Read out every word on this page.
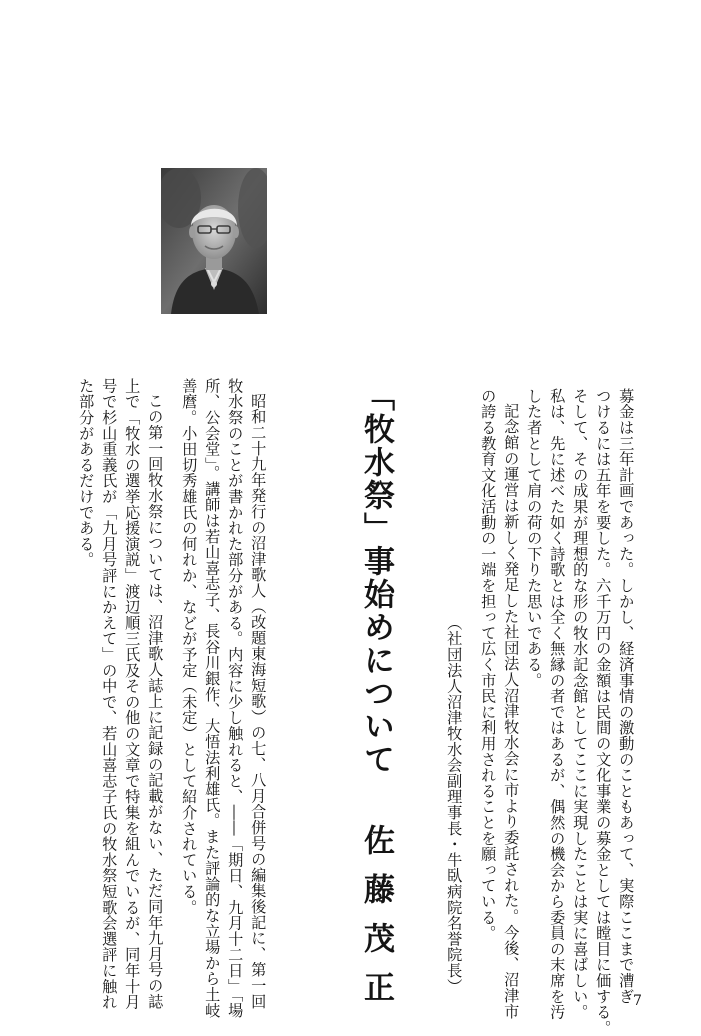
募金は三年計画であった。しかし、経済事情の激動のこともあって、実際ここまで漕ぎ
つけるには五年を要した。六千万円の金額は民間の文化事業の募金としては瞠目に価する。
そして、その成果が理想的な形の牧水記念館としてここに実現したことは実に喜ばしい。
私は、先に述べた如く詩歌とは全く無縁の者ではあるが、偶然の機会から委員の末席を汚
した者として肩の荷の下りた思いである。
記念館の運営は新しく発足した社団法人沼津牧水会に市より委託された。今後、沼津市
の誇る教育文化活動の一端を担って広く市民に利用されることを願っている。
（社団法人沼津牧水会副理事長・牛臥病院名誉院長）
「牧水祭」事始めについて
佐藤茂正
昭和二十九年発行の沼津歌人（改題東海短歌）の七、八月合併号の編集後記に、第一回
牧水祭のことが書かれた部分がある。内容に少し触れると、――「期日、九月十二日」「場
所、公会堂」。講師は若山喜志子、長谷川銀作、大悟法利雄氏。また評論的な立場から土岐
善麿。小田切秀雄氏の何れか、などが予定（未定）として紹介されている。
この第一回牧水祭については、沼津歌人誌上に記録の記載がない、ただ同年九月号の誌
上で「牧水の選挙応援演説」渡辺順三氏及その他の文章で特集を組んでいるが、同年十月
号で杉山重義氏が「九月号評にかえて」の中で、若山喜志子氏の牧水祭短歌会選評に触れ
た部分があるだけである。
7
